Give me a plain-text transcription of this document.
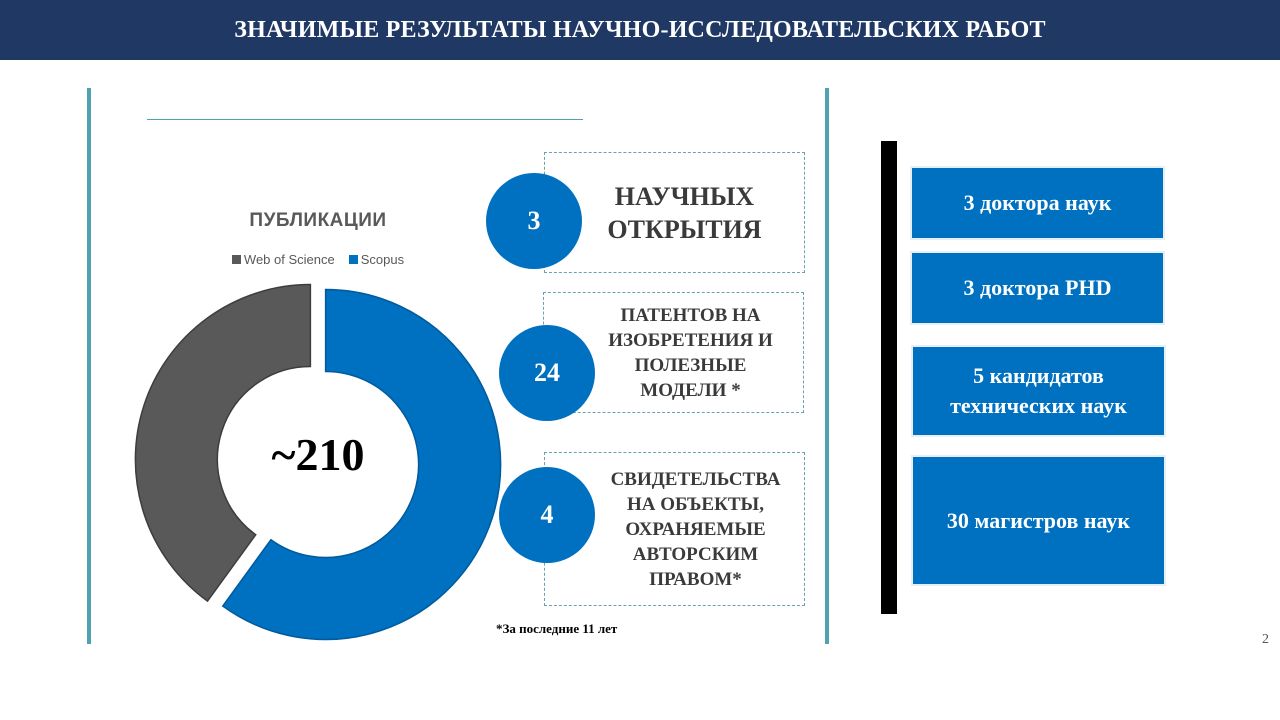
ЗНАЧИМЫЕ РЕЗУЛЬТАТЫ НАУЧНО-ИССЛЕДОВАТЕЛЬСКИХ РАБОТ
ПУБЛИКАЦИИ
Web of Science Scopus
~210
НАУЧНЫХ ОТКРЫТИЯ
3
ПАТЕНТОВ НА ИЗОБРЕТЕНИЯ И ПОЛЕЗНЫЕ МОДЕЛИ *
24
СВИДЕТЕЛЬСТВА НА ОБЪЕКТЫ, ОХРАНЯЕМЫЕ АВТОРСКИМ ПРАВОМ*
4
*За последние 11 лет
3 доктора наук
3 доктора PHD
5 кандидатов технических наук
30 магистров наук
2
